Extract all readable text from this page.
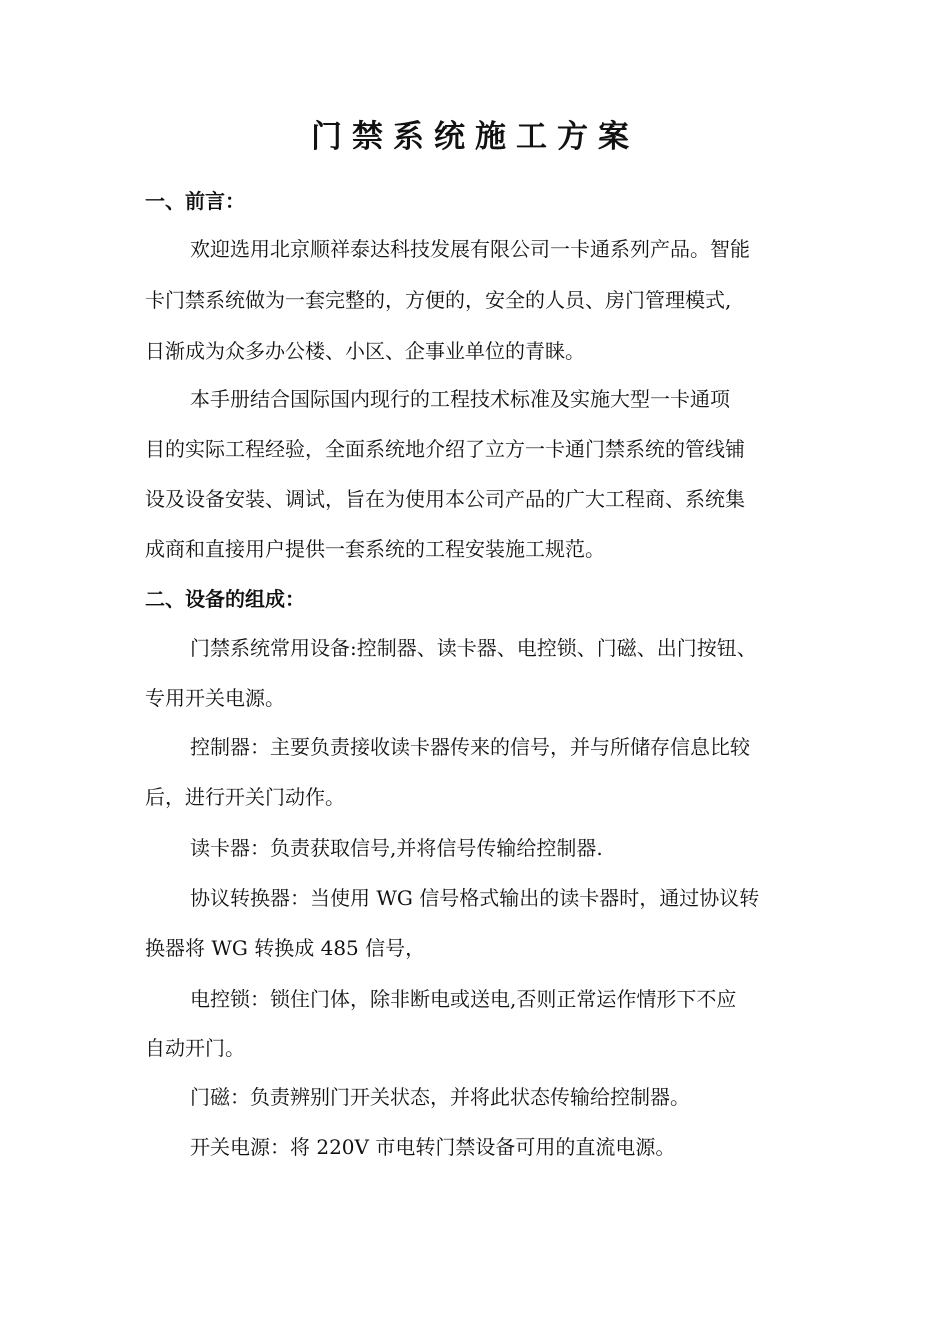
门禁系统施工方案
一、前言：
欢迎选用北京顺祥泰达科技发展有限公司一卡通系列产品。智能
卡门禁系统做为一套完整的，方便的，安全的人员、房门管理模式,
日渐成为众多办公楼、小区、企事业单位的青睐。
本手册结合国际国内现行的工程技术标准及实施大型一卡通项
目的实际工程经验，全面系统地介绍了立方一卡通门禁系统的管线铺
设及设备安装、调试，旨在为使用本公司产品的广大工程商、系统集
成商和直接用户提供一套系统的工程安装施工规范。
二、设备的组成：
门禁系统常用设备:控制器、读卡器、电控锁、门磁、出门按钮、
专用开关电源。
控制器：主要负责接收读卡器传来的信号，并与所储存信息比较
后，进行开关门动作。
读卡器：负责获取信号,并将信号传输给控制器.
协议转换器：当使用 WG 信号格式输出的读卡器时，通过协议转
换器将 WG 转换成 485 信号，
电控锁：锁住门体，除非断电或送电,否则正常运作情形下不应
自动开门。
门磁：负责辨别门开关状态，并将此状态传输给控制器。
开关电源：将 220V 市电转门禁设备可用的直流电源。
